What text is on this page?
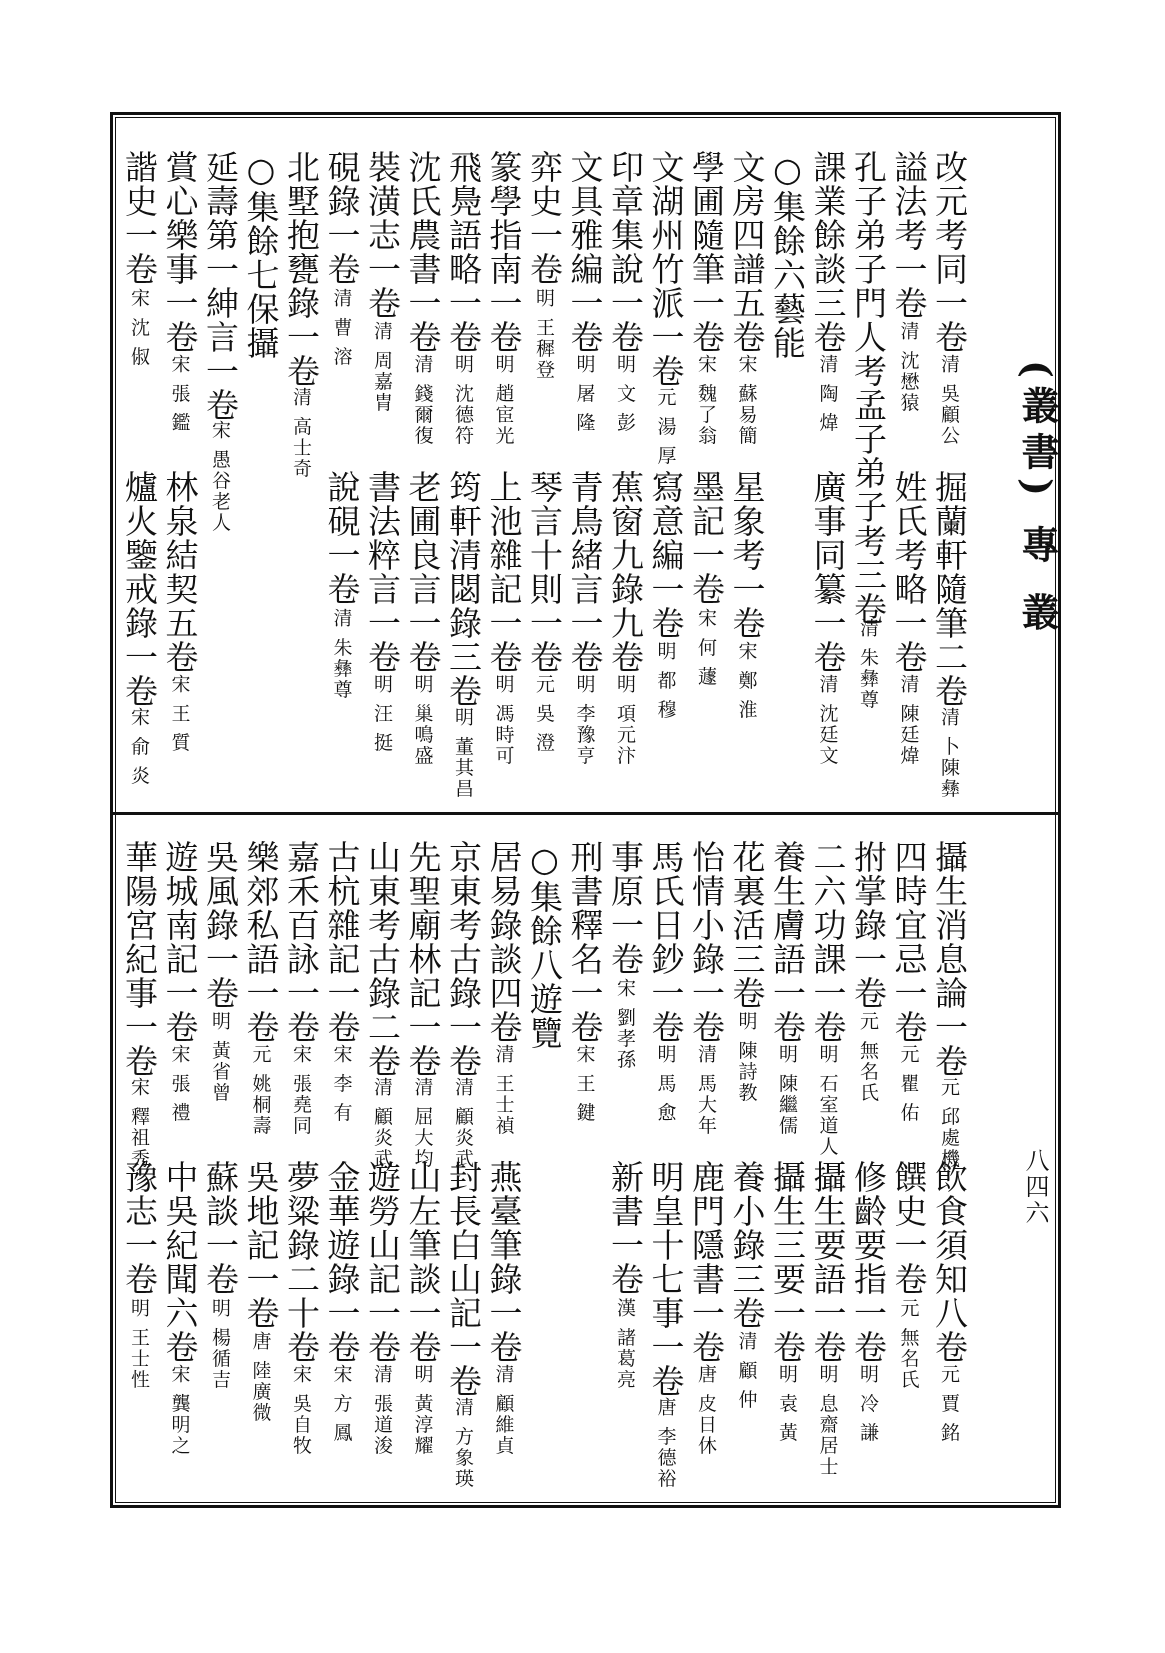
(叢書) 專 叢
八四六
改元考同一卷
清 吳顧公
掘蘭軒隨筆二卷
清 卜陳彝
謚法考一卷
清 沈懋猿
姓氏考略一卷
清 陳廷煒
孔子弟子門人考孟子弟子考三卷
清 朱彝尊
課業餘談三卷
清 陶 煒
廣事同纂一卷
清 沈廷文
○集餘六藝能
文房四譜五卷
宋 蘇易簡
星象考一卷
宋 鄭 淮
學圃隨筆一卷
宋 魏了翁
墨記一卷
宋 何 蘧
文湖州竹派一卷
元 湯 厚
寫意編一卷
明 都 穆
印章集說一卷
明 文 彭
蕉窗九錄九卷
明 項元汴
文具雅編一卷
明 屠 隆
青鳥緒言一卷
明 李豫亨
弈史一卷
明 王穉登
琴言十則一卷
元 吳 澄
篆學指南一卷
明 趙宦光
上池雜記一卷
明 馮時可
飛鳧語略一卷
明 沈德符
筠軒清閟錄三卷
明 董其昌
沈氏農書一卷
清 錢爾復
老圃良言一卷
明 巢鳴盛
裝潢志一卷
清 周嘉胄
書法粹言一卷
明 汪 挺
硯錄一卷
清 曹 溶
說硯一卷
清 朱彝尊
北墅抱甕錄一卷
清 高士奇
○集餘七保攝
延壽第一紳言一卷
宋 愚谷老人
賞心樂事一卷
宋 張 鑑
林泉結契五卷
宋 王 質
諧史一卷
宋 沈 俶
爐火鑒戒錄一卷
宋 俞 炎
攝生消息論一卷
元 邱處機
飲食須知八卷
元 賈 銘
四時宜忌一卷
元 瞿 佑
饌史一卷
元 無名氏
拊掌錄一卷
元 無名氏
修齡要指一卷
明 冷 謙
二六功課一卷
明 石室道人
攝生要語一卷
明 息齋居士
養生膚語一卷
明 陳繼儒
攝生三要一卷
明 袁 黃
花裏活三卷
明 陳詩教
養小錄三卷
清 顧 仲
怡情小錄一卷
清 馬大年
鹿門隱書一卷
唐 皮日休
馬氏日鈔一卷
明 馬 愈
明皇十七事一卷
唐 李德裕
事原一卷
宋 劉孝孫
新書一卷
漢 諸葛亮
刑書釋名一卷
宋 王 鍵
○集餘八遊覽
居易錄談四卷
清 王士禎
燕臺筆錄一卷
清 顧維貞
京東考古錄一卷
清 顧炎武
封長白山記一卷
清 方象瑛
先聖廟林記一卷
清 屈大均
山左筆談一卷
明 黃淳耀
山東考古錄二卷
清 顧炎武
遊勞山記一卷
清 張道浚
古杭雜記一卷
宋 李 有
金華遊錄一卷
宋 方 鳳
嘉禾百詠一卷
宋 張堯同
夢粱錄二十卷
宋 吳自牧
樂郊私語一卷
元 姚桐壽
吳地記一卷
唐 陸廣微
吳風錄一卷
明 黃省曾
蘇談一卷
明 楊循吉
遊城南記一卷
宋 張 禮
中吳紀聞六卷
宋 龔明之
華陽宮紀事一卷
宋 釋祖秀
豫志一卷
明 王士性
